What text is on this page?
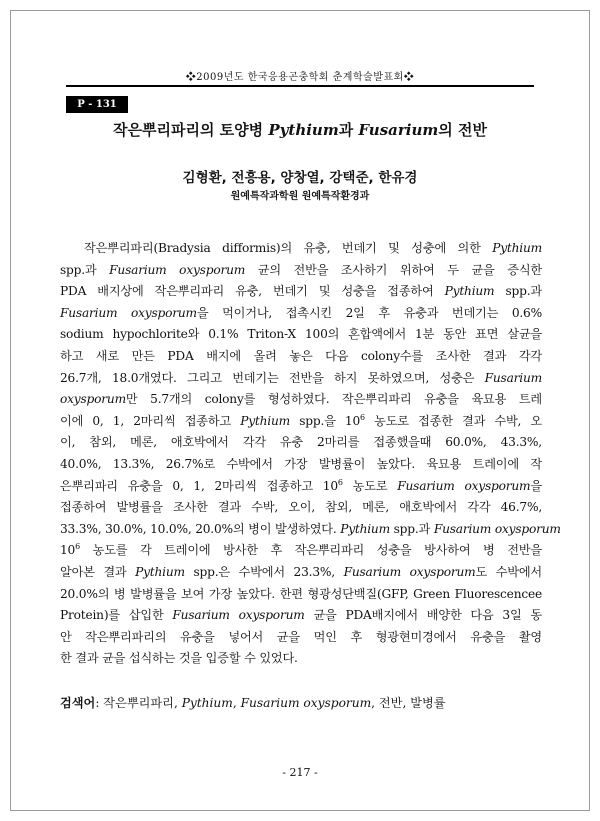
❖2009년도 한국응용곤충학회 춘계학술발표회❖
P - 131
작은뿌리파리의 토양병 Pythium과 Fusarium의 전반
김형환, 전흥용, 양창열, 강택준, 한유경
원예특작과학원 원예특작환경과
작은뿌리파리(Bradysia difformis)의 유충, 번데기 및 성충에 의한 Pythium
spp.과 Fusarium oxysporum 균의 전반을 조사하기 위하여 두 균을 증식한
PDA 배지상에 작은뿌리파리 유충, 번데기 및 성충을 접종하여 Pythium spp.과
Fusarium oxysporum을 먹이거나, 접촉시킨 2일 후 유충과 번데기는 0.6%
sodium hypochlorite와 0.1% Triton-X 100의 혼합액에서 1분 동안 표면 살균을
하고 새로 만든 PDA 배지에 올려 놓은 다음 colony수를 조사한 결과 각각
26.7개, 18.0개였다. 그리고 번데기는 전반을 하지 못하였으며, 성충은 Fusarium
oxysporum만 5.7개의 colony를 형성하였다. 작은뿌리파리 유충을 육묘용 트레
이에 0, 1, 2마리씩 접종하고 Pythium spp.을 $10^6$ 농도로 접종한 결과 수박, 오
이, 참외, 메론, 애호박에서 각각 유충 2마리를 접종했을때 60.0%, 43.3%,
40.0%, 13.3%, 26.7%로 수박에서 가장 발병률이 높았다. 육묘용 트레이에 작
은뿌리파리 유충을 0, 1, 2마리씩 접종하고 $10^6$ 농도로 Fusarium oxysporum을
접종하여 발병률을 조사한 결과 수박, 오이, 참외, 메론, 애호박에서 각각 46.7%,
33.3%, 30.0%, 10.0%, 20.0%의 병이 발생하였다. Pythium spp.과 Fusarium oxysporum
$10^6$ 농도를 각 트레이에 방사한 후 작은뿌리파리 성충을 방사하여 병 전반을
알아본 결과 Pythium spp.은 수박에서 23.3%, Fusarium oxysporum도 수박에서
20.0%의 병 발병률을 보여 가장 높았다. 한편 형광성단백질(GFP, Green Fluorescencee
Protein)를 삽입한 Fusarium oxysporum 균을 PDA배지에서 배양한 다음 3일 동
안 작은뿌리파리의 유충을 넣어서 균을 먹인 후 형광현미경에서 유충을 촬영
한 결과 균을 섭식하는 것을 입증할 수 있었다.
검색어: 작은뿌리파리, Pythium, Fusarium oxysporum, 전반, 발병률
- 217 -
